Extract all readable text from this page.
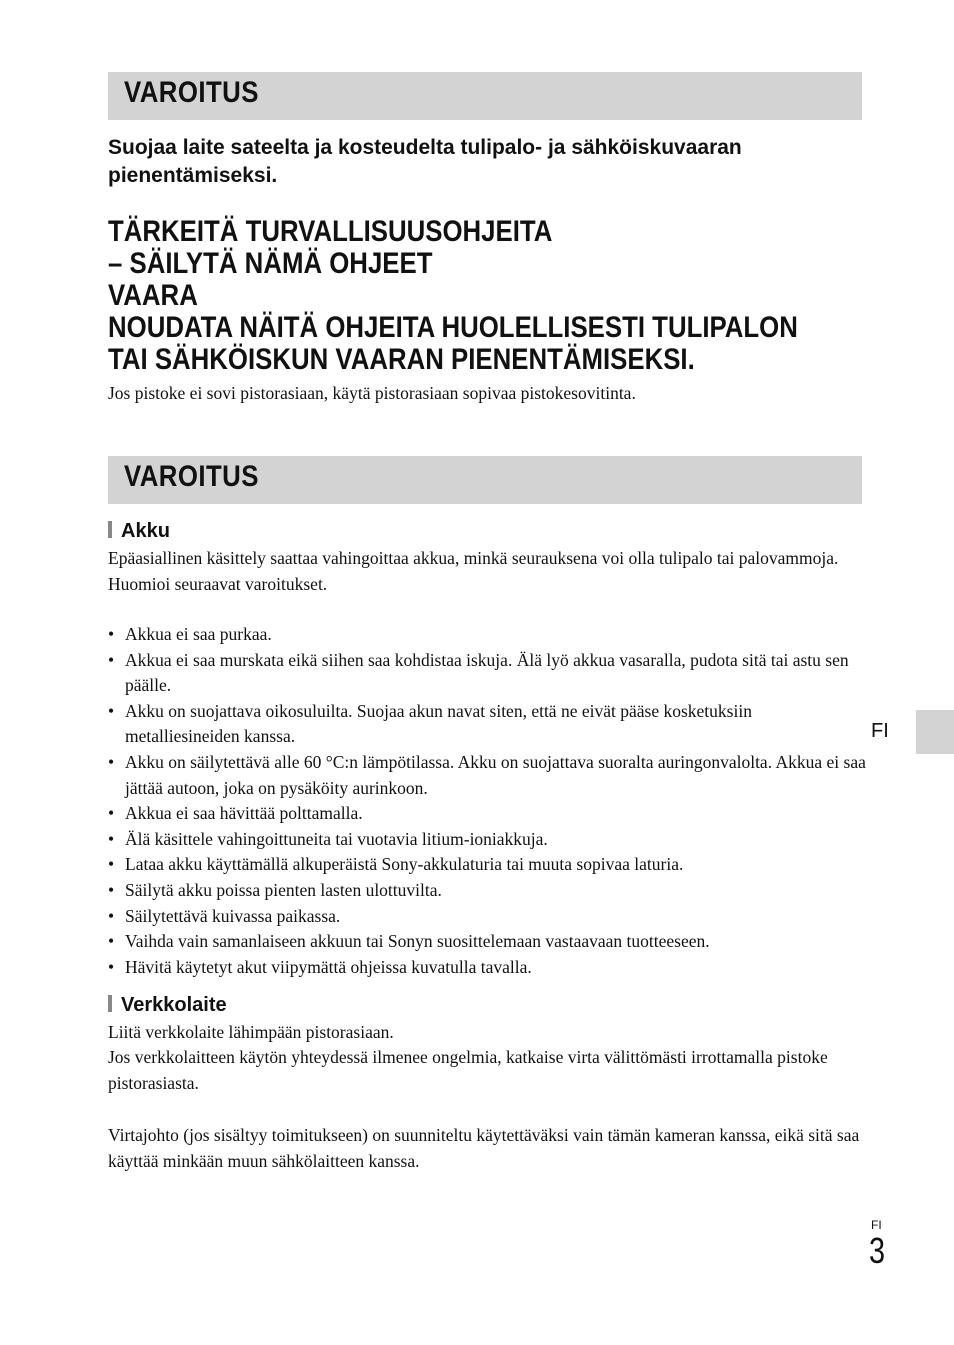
VAROITUS
Suojaa laite sateelta ja kosteudelta tulipalo- ja sähköiskuvaaran pienentämiseksi.
TÄRKEITÄ TURVALLISUUSOHJEITA
– SÄILYTÄ NÄMÄ OHJEET
VAARA
NOUDATA NÄITÄ OHJEITA HUOLELLISESTI TULIPALON
TAI SÄHKÖISKUN VAARAN PIENENTÄMISEKSI.
Jos pistoke ei sovi pistorasiaan, käytä pistorasiaan sopivaa pistokesovitinta.
VAROITUS
Akku
Epäasiallinen käsittely saattaa vahingoittaa akkua, minkä seurauksena voi olla tulipalo tai palovammoja. Huomioi seuraavat varoitukset.
• Akkua ei saa purkaa.
• Akkua ei saa murskata eikä siihen saa kohdistaa iskuja. Älä lyö akkua vasaralla, pudota sitä tai astu sen päälle.
• Akku on suojattava oikosuluilta. Suojaa akun navat siten, että ne eivät pääse kosketuksiin metalliesineiden kanssa.
• Akku on säilytettävä alle 60 °C:n lämpötilassa. Akku on suojattava suoralta auringonvalolta. Akkua ei saa jättää autoon, joka on pysäköity aurinkoon.
• Akkua ei saa hävittää polttamalla.
• Älä käsittele vahingoittuneita tai vuotavia litium-ioniakkuja.
• Lataa akku käyttämällä alkuperäistä Sony-akkulaturia tai muuta sopivaa laturia.
• Säilytä akku poissa pienten lasten ulottuvilta.
• Säilytettävä kuivassa paikassa.
• Vaihda vain samanlaiseen akkuun tai Sonyn suosittelemaan vastaavaan tuotteeseen.
• Hävitä käytetyt akut viipymättä ohjeissa kuvatulla tavalla.
Verkkolaite
Liitä verkkolaite lähimpään pistorasiaan.
Jos verkkolaitteen käytön yhteydessä ilmenee ongelmia, katkaise virta välittömästi irrottamalla pistoke pistorasiasta.
Virtajohto (jos sisältyy toimitukseen) on suunniteltu käytettäväksi vain tämän kameran kanssa, eikä sitä saa käyttää minkään muun sähkölaitteen kanssa.
FI
FI
3
